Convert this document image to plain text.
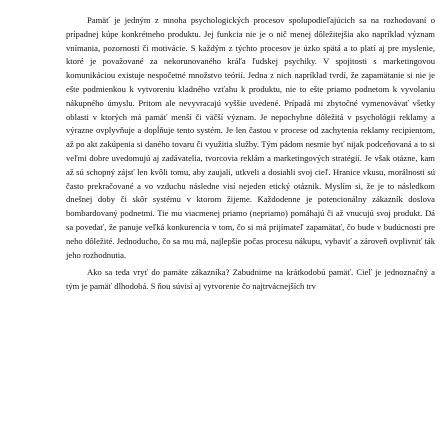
Pamäť je jedným z mnoha psychologických procesov spolupodieľajúcich sa na rozhodovaní o prípadnej kúpe konkrétneho produktu. Jej funkcia nie je o nič menej dôležitejšia ako napríklad význam vnímania, pozornosti či motivácie. S každým z týchto procesov je úzko spätá a to platí aj pre myslenie, ktoré je považované za nekorunovaného kráľa ľudskej psychiky. V spojitosti s marketingovou komunikáciou existuje nespočetné množstvo teórií. Jedna z nich napríklad tvrdí, že zapamätanie si nie je ešte podmienkou k vytvoreniu kladného vzťahu k produktu, nie to ešte priamo podnetom k vyvolaniu nákupného úmyslu. Pritom ale nevyvracajú vyššie uvedené. Prípadá mi zbytočné vymenovávať všetky oblasti v ktorých má pamäť menší či väčší význam. Je nepochybne dôležitá v psychológii reklamy a výrazne ovplyvňuje a dopĺňuje tento systém. Je len častou v procese od zachytenia reklamy recipientom, až po akt zakúpenia si daného tovaru či využitia služby. Tým pádom nesmie byť nijak podceňovaná a to si veľmi dobre uvedomujú aj zadávatelia, tvorcovia reklám a marketingových stratégií. Je však otázne, kam až sú schopný zájsť len kvôli tomu, aby zaujali, utkveli a dosiahli svoj cieľ. Hranice vkusu, morálnosti sú často prekračované a vo vzduchu následne visí nejeden etický otáznik. Myslím si, že je to následkom dnešnej doby či skôr systému v ktorom žijeme. Každodenne je potencionálny zákazník doslova bombardovaný podnetmi. Tie mu viacmenej priamo (nepriamo) pomáhajú či až vnucujú svoj produkt. Dá sa povedať, že panuje veľká konkurencia v tom, čo si má prijímateľ zapamätať, čo bude v budúcnosti pre neho dôležité. Jednoducho, čo sa mu má, najlepšie počas procesu nákupu, vybaviť a zároveň ovplivniť ták jeho rozhodnutia.

Ako sa teda vryť do pamäte zákazníka? Zabudnime na krátkodobú pamäť. Cieľ je jednoznačný a tým je pamäť dlhodobá. S ňou súvisí aj vytvorenie čo najtrvácnejších trv
